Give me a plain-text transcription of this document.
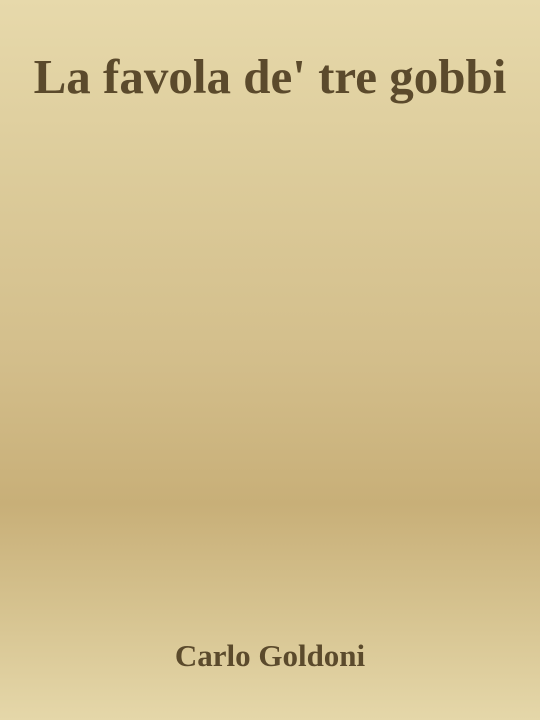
La favola de' tre gobbi

Carlo Goldoni
